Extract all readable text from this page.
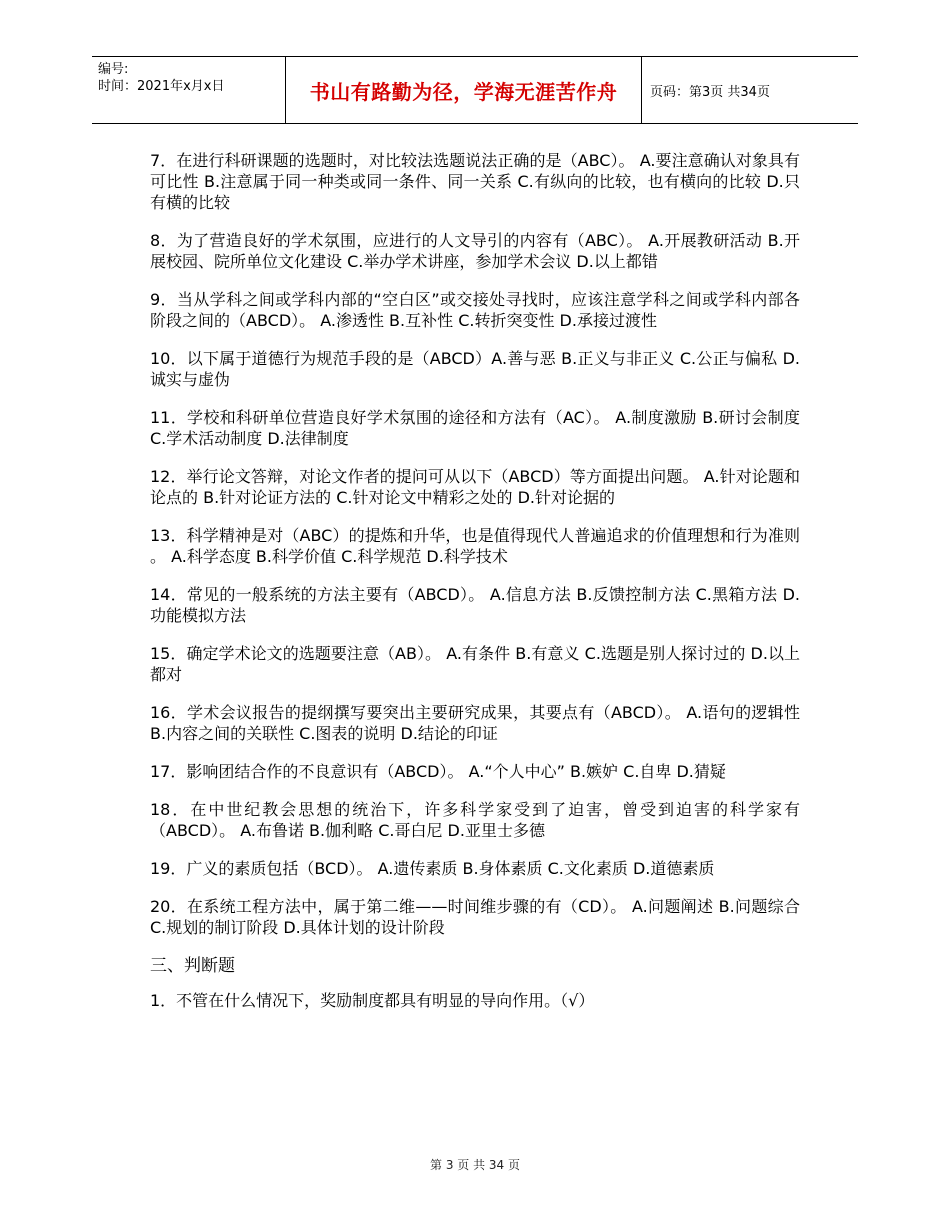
编号:
时间：2021年x月x日	书山有路勤为径，学海无涯苦作舟	页码：第3页 共34页

7．在进行科研课题的选题时，对比较法选题说法正确的是（ABC）。 A.要注意确认对象具有可比性 B.注意属于同一种类或同一条件、同一关系 C.有纵向的比较，也有横向的比较 D.只有横的比较

8．为了营造良好的学术氛围，应进行的人文导引的内容有（ABC）。 A.开展教研活动 B.开展校园、院所单位文化建设 C.举办学术讲座，参加学术会议 D.以上都错

9．当从学科之间或学科内部的“空白区”或交接处寻找时，应该注意学科之间或学科内部各阶段之间的（ABCD）。 A.渗透性 B.互补性 C.转折突变性 D.承接过渡性

10．以下属于道德行为规范手段的是（ABCD）A.善与恶 B.正义与非正义 C.公正与偏私 D.诚实与虚伪

11．学校和科研单位营造良好学术氛围的途径和方法有（AC）。 A.制度激励 B.研讨会制度 C.学术活动制度 D.法律制度

12．举行论文答辩，对论文作者的提问可从以下（ABCD）等方面提出问题。 A.针对论题和论点的 B.针对论证方法的 C.针对论文中精彩之处的 D.针对论据的

13．科学精神是对（ABC）的提炼和升华，也是值得现代人普遍追求的价值理想和行为准则 。 A.科学态度 B.科学价值 C.科学规范 D.科学技术

14．常见的一般系统的方法主要有（ABCD）。 A.信息方法 B.反馈控制方法 C.黑箱方法 D.功能模拟方法

15．确定学术论文的选题要注意（AB）。 A.有条件 B.有意义 C.选题是别人探讨过的 D.以上都对

16．学术会议报告的提纲撰写要突出主要研究成果，其要点有（ABCD）。 A.语句的逻辑性 B.内容之间的关联性 C.图表的说明 D.结论的印证

17．影响团结合作的不良意识有（ABCD）。 A.“个人中心” B.嫉妒 C.自卑 D.猜疑

18．在中世纪教会思想的统治下，许多科学家受到了迫害，曾受到迫害的科学家有（ABCD）。 A.布鲁诺 B.伽利略 C.哥白尼 D.亚里士多德

19．广义的素质包括（BCD）。 A.遗传素质 B.身体素质 C.文化素质 D.道德素质

20．在系统工程方法中，属于第二维——时间维步骤的有（CD）。 A.问题阐述 B.问题综合 C.规划的制订阶段 D.具体计划的设计阶段

三、判断题

1．不管在什么情况下，奖励制度都具有明显的导向作用。（√）

第 3 页 共 34 页
